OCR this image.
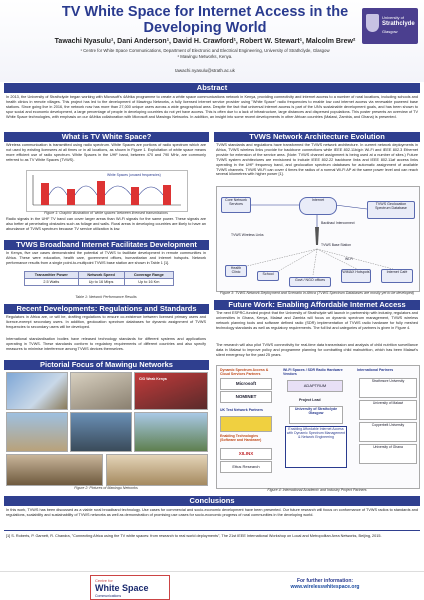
TV White Space for Internet Access in the
Developing World
Tawachi Nyasulu¹, Dani Anderson¹, David H. Crawford¹, Robert W. Stewart¹, Malcolm Brew²
¹ Centre for White Space Communications, Department of Electronic and Electrical Engineering, University of Strathclyde, Glasgow
² Mawingu Networks, Kenya.
tawachi.nyasulu@strath.ac.uk
University of
Strathclyde
Glasgow
Abstract
In 2013, the University of Strathclyde began working with Microsoft's 4Afrika programme to create a white space communications network in Kenya, providing connectivity and internet access to a number of rural locations, including schools and health clinics in remote villages. This project has led to the development of Mawingu Networks, a fully licensed internet service provider using "White Space" radio frequencies to enable low cost internet access via renewable powered base stations. Since going live in 2016, the network now has more than 27,000 unique users across a wide geographical area. Despite the fact that universal internet access is part of the UN's sustainable development goals, and has been shown to spur social and economic development, a large percentage of people in developing countries do not yet have access. This is often due to a lack of infrastructure, large distances and dispersed populations. This poster presents an overview of TV White Space technologies, with emphasis on our 4Afrika collaboration with Microsoft and Mawingu Networks. In addition, an insight into some recent developments in other African countries (Malawi, Zambia, and Ghana) is presented.
What is TV White Space?
Wireless communication is transmitted using radio spectrum. White Spaces are portions of radio spectrum which are not used by existing licensees at all times or in all locations, as shown in Figure 1. Exploitation of white space means more efficient use of radio spectrum. White Spaces in the UHF band, between 470 and 790 MHz, are commonly referred to as TV White Spaces (TVWS).
White Spaces (unused frequencies)
Figure 1: Graphic illustration of 'white spaces' between licensed transmissions
Radio signals in the UHF TV band can cover larger areas than Wi-Fi signals for the same power. These signals are also better at penetrating obstacles such as foliage and walls. Rural areas in developing countries are likely to have an abundance of TVWS spectrum because TV service utilization is low.
TVWS Broadband Internet Facilitates Development
In Kenya, five use cases demonstrated the potential of TVWS to facilitate development in remote communities in Africa. These were education, health care, government offices, humanitarian and internet hotspots. Network performance results from a single point-to-multipoint TVWS base station are shown in Table 1 [1].
Transmitter Power	Network Speed	Coverage Range
2.5 Watts	Up to 16 Mbps	Up to 16 Km
Table 1: Network Performance Results
Recent Developments: Regulations and Standards
Regulators in Africa are, or will be, drafting regulations to ensure co-existence between licensed primary users and licence-exempt secondary users. In addition, geolocation spectrum databases for dynamic assignment of TVWS frequencies to secondary users will be developed.
International standardisation bodies have released technology standards for different systems and applications operating in TVWS. These standards conform to regulatory requirements of different countries and also specify measures to minimise interference among TVWS devices themselves.
Pictorial Focus of Mawingu Networks
CIO Weak Kenya
Figure 2: Pictures of Mawingu Networks
TVWS Network Architecture Evolution
TVWS standards and regulations have transformed the TVWS network architecture. In current network deployments in Africa, TVWS wireless links provide for backbone connections while IEEE 802.11b/g/n Wi-Fi and IEEE 802.3 Ethernet provide for extension of the service area. (Note: TVWS channel assignment is being used at a number of sites.) Future TVWS system architectures are envisioned to include IEEE 802.22 backbone links and IEEE 802.11af access links operating in the UHF frequency band, and geolocation spectrum databases for automatic assignment of available TVWS channels. TVWS Wi-Fi can cover 4 times the radius of a normal Wi-Fi AP at the same power level and can reach several kilometres with higher power [1].
Core Network Services
Internet
TVWS Geolocation Spectrum Database
Backhaul Interconnect
TVWS Wireless Links
TVWS Base Station
Health Clinic	School
Govt / NGO offices
Wi-Fi
WiMAX Hotspots	Internet Café
Figure 3: TVWS Network Deployment and Scenario in Africa (TVWS Spectrum Databases are mostly yet to be developed)
Future Work: Enabling Affordable Internet Access
The next ESPRC-funded project that the University of Strathclyde will launch in partnership with industry, regulators and universities in Ghana, Kenya, Malawi and Zambia will focus on dynamic spectrum management, TVWS wireless network planning tools and software defined radio (SDR) implementation of TVWS radio hardware for fully meshed technology standards as well as regulatory requirements. The full list and categories of partners is given in Figure 4.
The research will also pilot TVWS connectivity for real-time data transmission and analysis of child nutrition surveillance data in Malawi to improve policy and programme planning for combatting child malnutrition, which has been Malawi's silent emergency for the past 25 years.
Dynamic Spectrum Access & Cloud Services Partners
Microsoft
NOMINET
UK Test Network Partners
Enabling Technologies (Software and Hardware)
XILINX
Ettus Research
Wi-Fi Spaces / SDR Radio Hardware Vendors
ADAPTRUM
Project Lead
University of Strathclyde Glasgow
Enabling Affordable Internet Access with Dynamic Spectrum Management & Network Engineering
International Partners
Strathmore University
University of Malawi
Copperbelt University
University of Ghana
Figure 4: International Academic and Industry Project Partners
Conclusions
In this work, TVWS has been discussed as a viable rural broadband technology. Use cases for commercial and socio-economic development have been presented. Our future research will focus on conformance of TVWS radios to standards and regulations, scalability and sustainability of TVWS networks as well as demonstration of promising use cases for socio-economic progress of rural communities in the developing world.
[1] S. Roberts, P. Garnett, R. Chandra, "Connecting Africa using the TV white spaces: from research to real world deployments", The 21st IEEE International Workshop on Local and Metropolitan Area Networks, Beijing, 2015.
Centre for
White Space
Communications
For further information:
www.wirelesswhitespace.org
